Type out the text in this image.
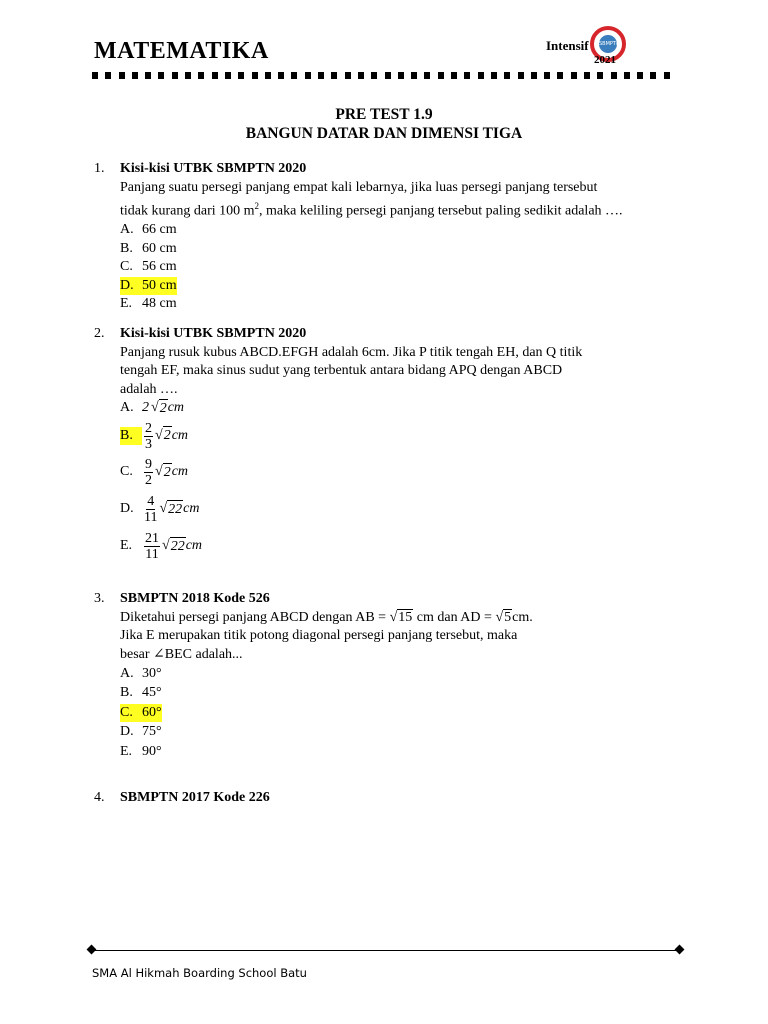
MATEMATIKA	SBMPTN
Intensif
2021
PRE TEST 1.9
BANGUN DATAR DAN DIMENSI TIGA
1. Kisi-kisi UTBK SBMPTN 2020
Panjang suatu persegi panjang empat kali lebarnya, jika luas persegi panjang tersebut
tidak kurang dari 100 $m^2$, maka keliling persegi panjang tersebut paling sedikit adalah ….
A. 66 cm
B. 60 cm
C. 56 cm
D. 50 cm
E. 48 cm
2. Kisi-kisi UTBK SBMPTN 2020
Panjang rusuk kubus ABCD.EFGH adalah 6cm. Jika P titik tengah EH, dan Q titik
tengah EF, maka sinus sudut yang terbentuk antara bidang APQ dengan ABCD
adalah ….
A. 2 √ 2 cm
B. $\frac{2}{3}$ √ 2 cm
C. $\frac{9}{2}$ √ 2 cm
D. $\frac{4}{11}$ √ 22 cm
E. $\frac{21}{11}$ √ 22 cm
3. SBMPTN 2018 Kode 526
Diketahui persegi panjang ABCD dengan AB = √15 cm dan AD = √5cm.
Jika E merupakan titik potong diagonal persegi panjang tersebut, maka
besar ∠BEC adalah...
A. 30°
B. 45°
C. 60°
D. 75°
E. 90°
4. SBMPTN 2017 Kode 226
SMA Al Hikmah Boarding School Batu
